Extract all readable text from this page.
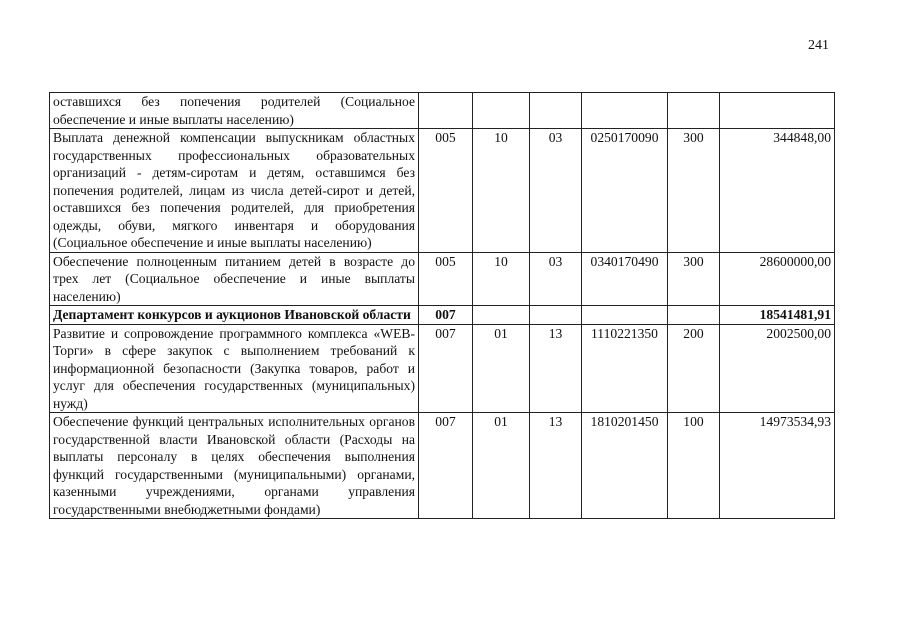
241
оставшихся без попечения родителей (Социальное обеспечение и иные выплаты населению)						
Выплата денежной компенсации выпускникам областных государственных профессиональных образовательных организаций - детям-сиротам и детям, оставшимся без попечения родителей, лицам из числа детей-сирот и детей, оставшихся без попечения родителей, для приобретения одежды, обуви, мягкого инвентаря и оборудования (Социальное обеспечение и иные выплаты населению)	005	10	03	0250170090	300	344848,00
Обеспечение полноценным питанием детей в возрасте до трех лет (Социальное обеспечение и иные выплаты населению)	005	10	03	0340170490	300	28600000,00
Департамент конкурсов и аукционов Ивановской области	007					18541481,91
Развитие и сопровождение программного комплекса «WEB-Торги» в сфере закупок с выполнением требований к информационной безопасности (Закупка товаров, работ и услуг для обеспечения государственных (муниципальных) нужд)	007	01	13	1110221350	200	2002500,00
Обеспечение функций центральных исполнительных органов государственной власти Ивановской области (Расходы на выплаты персоналу в целях обеспечения выполнения функций государственными (муниципальными) органами, казенными учреждениями, органами управления государственными внебюджетными фондами)	007	01	13	1810201450	100	14973534,93
